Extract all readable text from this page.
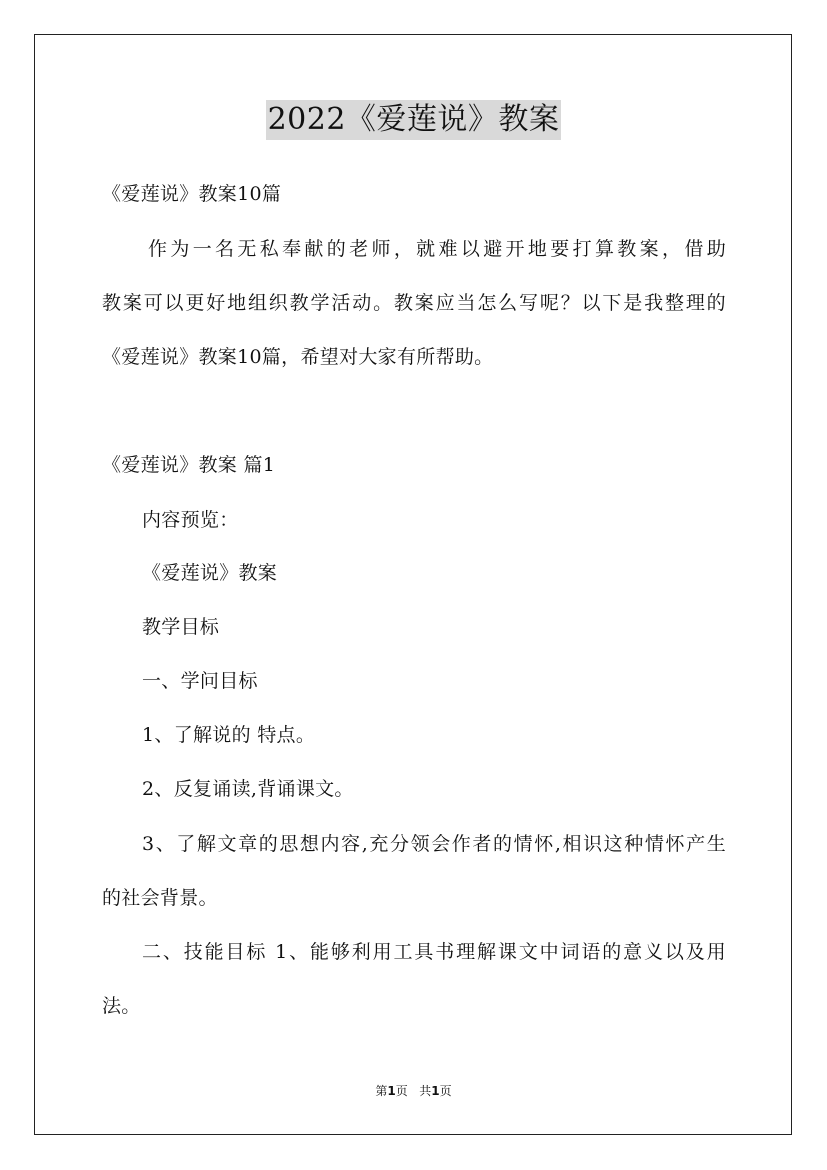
2022《爱莲说》教案
《爱莲说》教案10篇
作为一名无私奉献的老师，就难以避开地要打算教案，借助
教案可以更好地组织教学活动。教案应当怎么写呢？以下是我整理的
《爱莲说》教案10篇，希望对大家有所帮助。
《爱莲说》教案 篇1
内容预览：
《爱莲说》教案
教学目标
一、学问目标
1、了解说的 特点。
2、反复诵读,背诵课文。
3、了解文章的思想内容,充分领会作者的情怀,相识这种情怀产生
的社会背景。
二、技能目标 1、能够利用工具书理解课文中词语的意义以及用
法。
第1页 共1页
